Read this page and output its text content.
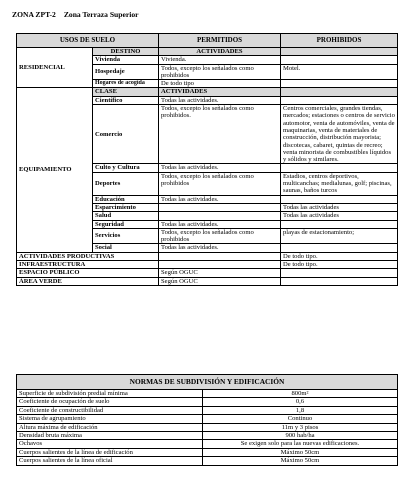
ZONA ZPT-2 Zona Terraza Superior
USOS DE SUELO		PERMITIDOS	PROHIBIDOS
RESIDENCIAL	DESTINO	ACTIVIDADES	
	Vivienda	Vivienda.	
	Hospedaje	Todos, excepto los señalados como prohibidos	Motel.
	Hogares de acogida	De todo tipo	
EQUIPAMIENTO	CLASE	ACTIVIDADES	
	Científico	Todas las actividades.	
	Comercio	Todos, excepto los señalados como prohibidos.	Centros comerciales, grandes tiendas, mercados; estaciones o centros de servicio automotor, venta de automóviles, venta de maquinarias, venta de materiales de construcción, distribución mayorista; discotecas, cabaret, quintas de recreo; venta minorista de combustibles líquidos y sólidos y similares.
	Culto y Cultura	Todas las actividades.	
	Deportes	Todos, excepto los señalados como prohibidos	Estadios, centros deportivos, multicanchas; medialunas, golf; piscinas, saunas, baños turcos
	Educación	Todas las actividades.	
	Esparcimiento		Todas las actividades
	Salud		Todas las actividades
	Seguridad	Todas las actividades.	
	Servicios	Todos, excepto los señalados como prohibidos	playas de estacionamiento;
	Social	Todas las actividades.	
ACTIVIDADES PRODUCTIVAS			De todo tipo.
INFRAESTRUCTURA			De todo tipo.
ESPACIO PÚBLICO		Según OGUC	
ÁREA VERDE		Según OGUC	
NORMAS DE SUBDIVISIÓN Y EDIFICACIÓN	
Superficie de subdivisión predial mínima	800m²
Coeficiente de ocupación de suelo	0,6
Coeficiente de constructibilidad	1,8
Sistema de agrupamiento	Continuo
Altura máxima de edificación	11m y 3 pisos
Densidad bruta máxima	900 hab/ha
Ochavos	Se exigen solo para las nuevas edificaciones.
Cuerpos salientes de la línea de edificación	Máximo 50cm
Cuerpos salientes de la línea oficial	Máximo 50cm
